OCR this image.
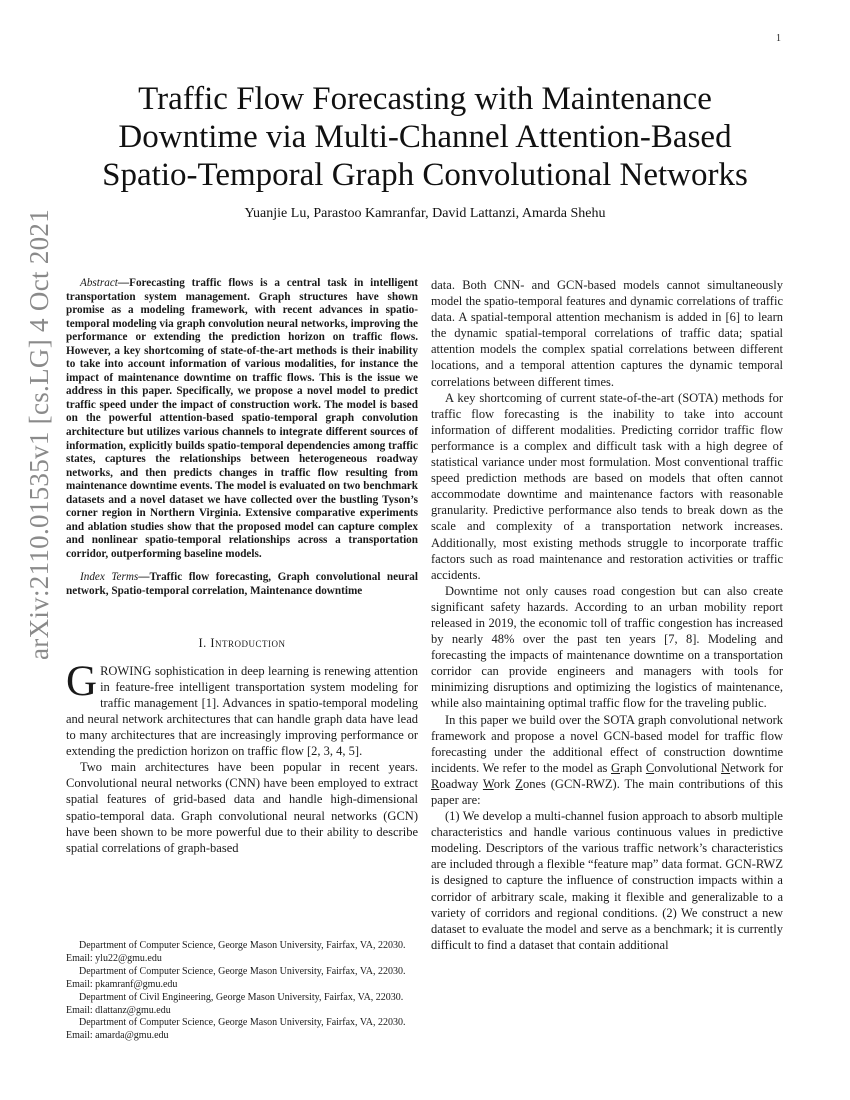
1
arXiv:2110.01535v1 [cs.LG] 4 Oct 2021
Traffic Flow Forecasting with Maintenance
Downtime via Multi-Channel Attention-Based
Spatio-Temporal Graph Convolutional Networks
Yuanjie Lu, Parastoo Kamranfar, David Lattanzi, Amarda Shehu

Abstract—Forecasting traffic flows is a central task in intelligent transportation system management. Graph structures have shown promise as a modeling framework, with recent advances in spatio-temporal modeling via graph convolution neural networks, improving the performance or extending the prediction horizon on traffic flows. However, a key shortcoming of state-of-the-art methods is their inability to take into account information of various modalities, for instance the impact of maintenance downtime on traffic flows. This is the issue we address in this paper. Specifically, we propose a novel model to predict traffic speed under the impact of construction work. The model is based on the powerful attention-based spatio-temporal graph convolution architecture but utilizes various channels to integrate different sources of information, explicitly builds spatio-temporal dependencies among traffic states, captures the relationships between heterogeneous roadway networks, and then predicts changes in traffic flow resulting from maintenance downtime events. The model is evaluated on two benchmark datasets and a novel dataset we have collected over the bustling Tyson’s corner region in Northern Virginia. Extensive comparative experiments and ablation studies show that the proposed model can capture complex and nonlinear spatio-temporal relationships across a transportation corridor, outperforming baseline models.

Index Terms—Traffic flow forecasting, Graph convolutional neural network, Spatio-temporal correlation, Maintenance downtime

I. Introduction

GROWING sophistication in deep learning is renewing attention in feature-free intelligent transportation system modeling for traffic management [1]. Advances in spatio-temporal modeling and neural network architectures that can handle graph data have lead to many architectures that are increasingly improving performance or extending the prediction horizon on traffic flow [2, 3, 4, 5].

Two main architectures have been popular in recent years. Convolutional neural networks (CNN) have been employed to extract spatial features of grid-based data and handle high-dimensional spatio-temporal data. Graph convolutional neural networks (GCN) have been shown to be more powerful due to their ability to describe spatial correlations of graph-based

data. Both CNN- and GCN-based models cannot simultaneously model the spatio-temporal features and dynamic correlations of traffic data. A spatial-temporal attention mechanism is added in [6] to learn the dynamic spatial-temporal correlations of traffic data; spatial attention models the complex spatial correlations between different locations, and a temporal attention captures the dynamic temporal correlations between different times.

A key shortcoming of current state-of-the-art (SOTA) methods for traffic flow forecasting is the inability to take into account information of different modalities. Predicting corridor traffic flow performance is a complex and difficult task with a high degree of statistical variance under most formulation. Most conventional traffic speed prediction methods are based on models that often cannot accommodate downtime and maintenance factors with reasonable granularity. Predictive performance also tends to break down as the scale and complexity of a transportation network increases. Additionally, most existing methods struggle to incorporate traffic factors such as road maintenance and restoration activities or traffic accidents.

Downtime not only causes road congestion but can also create significant safety hazards. According to an urban mobility report released in 2019, the economic toll of traffic congestion has increased by nearly 48% over the past ten years [7, 8]. Modeling and forecasting the impacts of maintenance downtime on a transportation corridor can provide engineers and managers with tools for minimizing disruptions and optimizing the logistics of maintenance, while also maintaining optimal traffic flow for the traveling public.

In this paper we build over the SOTA graph convolutional network framework and propose a novel GCN-based model for traffic flow forecasting under the additional effect of construction downtime incidents. We refer to the model as Graph Convolutional Network for Roadway Work Zones (GCN-RWZ). The main contributions of this paper are:

(1) We develop a multi-channel fusion approach to absorb multiple characteristics and handle various continuous values in predictive modeling. Descriptors of the various traffic network’s characteristics are included through a flexible “feature map” data format. GCN-RWZ is designed to capture the influence of construction impacts within a corridor of arbitrary scale, making it flexible and generalizable to a variety of corridors and regional conditions. (2) We construct a new dataset to evaluate the model and serve as a benchmark; it is currently difficult to find a dataset that contain additional

Department of Computer Science, George Mason University, Fairfax, VA, 22030. Email: ylu22@gmu.edu

Department of Computer Science, George Mason University, Fairfax, VA, 22030. Email: pkamranf@gmu.edu

Department of Civil Engineering, George Mason University, Fairfax, VA, 22030. Email: dlattanz@gmu.edu

Department of Computer Science, George Mason University, Fairfax, VA, 22030. Email: amarda@gmu.edu
